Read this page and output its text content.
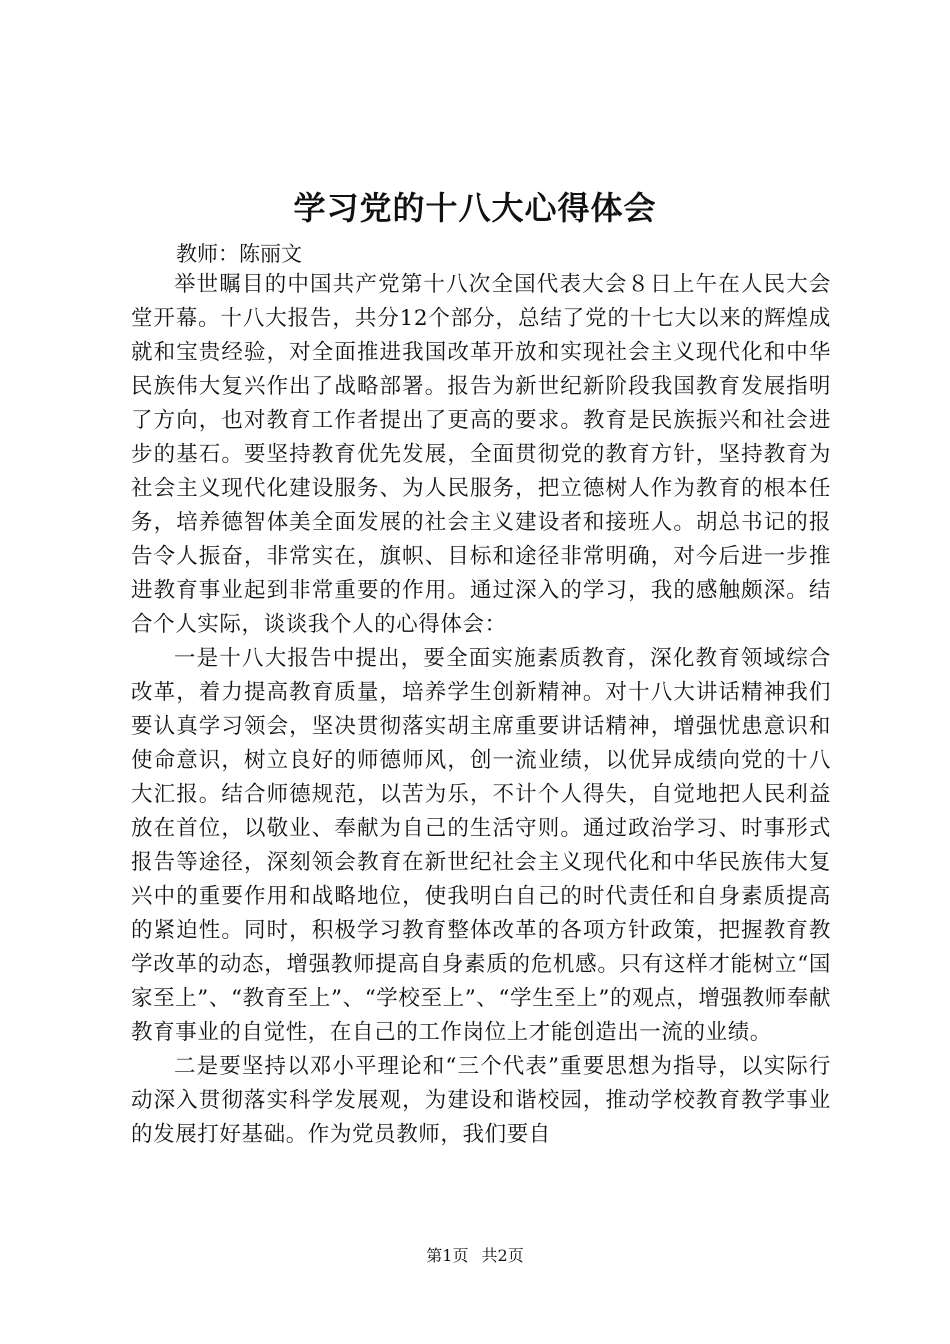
学习党的十八大心得体会
教师：陈丽文

举世瞩目的中国共产党第十八次全国代表大会８日上午在人民大会堂开幕。十八大报告，共分12个部分，总结了党的十七大以来的辉煌成就和宝贵经验，对全面推进我国改革开放和实现社会主义现代化和中华民族伟大复兴作出了战略部署。报告为新世纪新阶段我国教育发展指明了方向，也对教育工作者提出了更高的要求。教育是民族振兴和社会进步的基石。要坚持教育优先发展，全面贯彻党的教育方针，坚持教育为社会主义现代化建设服务、为人民服务，把立德树人作为教育的根本任务，培养德智体美全面发展的社会主义建设者和接班人。胡总书记的报告令人振奋，非常实在，旗帜、目标和途径非常明确，对今后进一步推进教育事业起到非常重要的作用。通过深入的学习，我的感触颇深。结合个人实际，谈谈我个人的心得体会：

一是十八大报告中提出，要全面实施素质教育，深化教育领域综合改革，着力提高教育质量，培养学生创新精神。对十八大讲话精神我们要认真学习领会，坚决贯彻落实胡主席重要讲话精神，增强忧患意识和使命意识，树立良好的师德师风，创一流业绩，以优异成绩向党的十八大汇报。结合师德规范，以苦为乐，不计个人得失，自觉地把人民利益放在首位，以敬业、奉献为自己的生活守则。通过政治学习、时事形式报告等途径，深刻领会教育在新世纪社会主义现代化和中华民族伟大复兴中的重要作用和战略地位，使我明白自己的时代责任和自身素质提高的紧迫性。同时，积极学习教育整体改革的各项方针政策，把握教育教学改革的动态，增强教师提高自身素质的危机感。只有这样才能树立“国家至上”、“教育至上”、“学校至上”、“学生至上”的观点，增强教师奉献教育事业的自觉性，在自己的工作岗位上才能创造出一流的业绩。

二是要坚持以邓小平理论和“三个代表”重要思想为指导，以实际行动深入贯彻落实科学发展观，为建设和谐校园，推动学校教育教学事业的发展打好基础。作为党员教师，我们要自

第1页 共2页
